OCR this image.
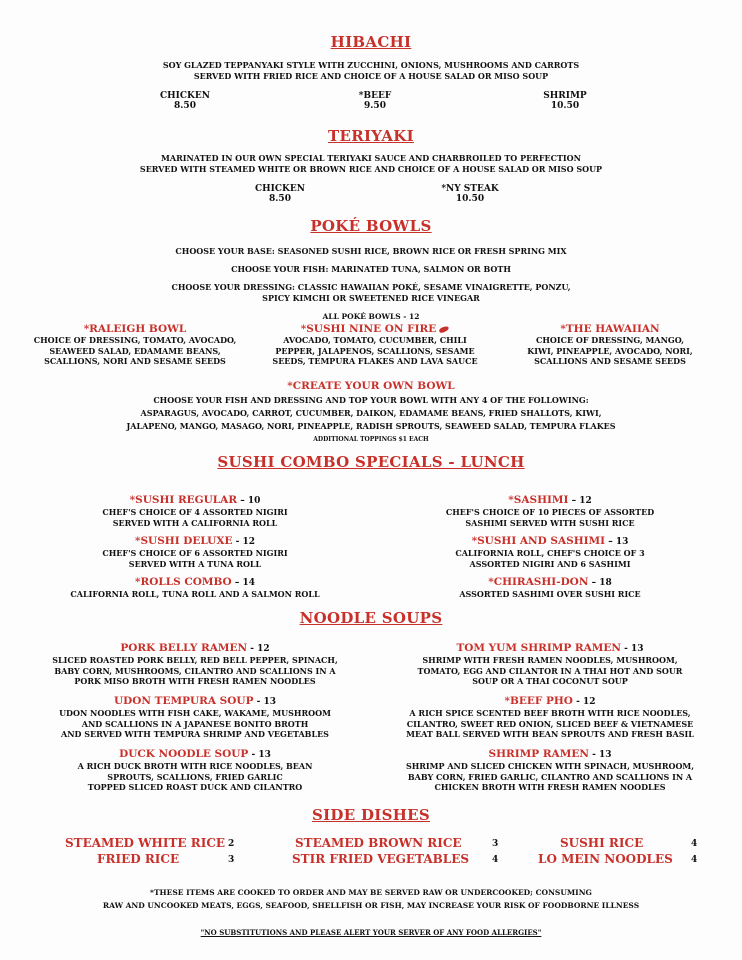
HIBACHI
SOY GLAZED TEPPANYAKI STYLE WITH ZUCCHINI, ONIONS, MUSHROOMS AND CARROTS
SERVED WITH FRIED RICE AND CHOICE OF A HOUSE SALAD OR MISO SOUP
CHICKEN
8.50
*BEEF
9.50
SHRIMP
10.50
TERIYAKI
MARINATED IN OUR OWN SPECIAL TERIYAKI SAUCE AND CHARBROILED TO PERFECTION
SERVED WITH STEAMED WHITE OR BROWN RICE AND CHOICE OF A HOUSE SALAD OR MISO SOUP
CHICKEN
8.50
*NY STEAK
10.50
POKÉ BOWLS
CHOOSE YOUR BASE: SEASONED SUSHI RICE, BROWN RICE OR FRESH SPRING MIX
CHOOSE YOUR FISH: MARINATED TUNA, SALMON OR BOTH
CHOOSE YOUR DRESSING: CLASSIC HAWAIIAN POKÉ, SESAME VINAIGRETTE, PONZU,
SPICY KIMCHI OR SWEETENED RICE VINEGAR
ALL POKÉ BOWLS - 12
*RALEIGH BOWL
CHOICE OF DRESSING, TOMATO, AVOCADO,
SEAWEED SALAD, EDAMAME BEANS,
SCALLIONS, NORI AND SESAME SEEDS
*SUSHI NINE ON FIRE
AVOCADO, TOMATO, CUCUMBER, CHILI
PEPPER, JALAPENOS, SCALLIONS, SESAME
SEEDS, TEMPURA FLAKES AND LAVA SAUCE
*THE HAWAIIAN
CHOICE OF DRESSING, MANGO,
KIWI, PINEAPPLE, AVOCADO, NORI,
SCALLIONS AND SESAME SEEDS
*CREATE YOUR OWN BOWL
CHOOSE YOUR FISH AND DRESSING AND TOP YOUR BOWL WITH ANY 4 OF THE FOLLOWING:
ASPARAGUS, AVOCADO, CARROT, CUCUMBER, DAIKON, EDAMAME BEANS, FRIED SHALLOTS, KIWI,
JALAPENO, MANGO, MASAGO, NORI, PINEAPPLE, RADISH SPROUTS, SEAWEED SALAD, TEMPURA FLAKES
ADDITIONAL TOPPINGS $1 EACH
SUSHI COMBO SPECIALS - LUNCH
*SUSHI REGULAR – 10
CHEF'S CHOICE OF 4 ASSORTED NIGIRI
SERVED WITH A CALIFORNIA ROLL
*SUSHI DELUXE - 12
CHEF'S CHOICE OF 6 ASSORTED NIGIRI
SERVED WITH A TUNA ROLL
*ROLLS COMBO – 14
CALIFORNIA ROLL, TUNA ROLL AND A SALMON ROLL
*SASHIMI – 12
CHEF'S CHOICE OF 10 PIECES OF ASSORTED
SASHIMI SERVED WITH SUSHI RICE
*SUSHI AND SASHIMI – 13
CALIFORNIA ROLL, CHEF'S CHOICE OF 3
ASSORTED NIGIRI AND 6 SASHIMI
*CHIRASHI-DON – 18
ASSORTED SASHIMI OVER SUSHI RICE
NOODLE SOUPS
PORK BELLY RAMEN - 12
SLICED ROASTED PORK BELLY, RED BELL PEPPER, SPINACH,
BABY CORN, MUSHROOMS, CILANTRO AND SCALLIONS IN A
PORK MISO BROTH WITH FRESH RAMEN NOODLES
UDON TEMPURA SOUP - 13
UDON NOODLES WITH FISH CAKE, WAKAME, MUSHROOM
AND SCALLIONS IN A JAPANESE BONITO BROTH
AND SERVED WITH TEMPURA SHRIMP AND VEGETABLES
DUCK NOODLE SOUP - 13
A RICH DUCK BROTH WITH RICE NOODLES, BEAN
SPROUTS, SCALLIONS, FRIED GARLIC
TOPPED SLICED ROAST DUCK AND CILANTRO
TOM YUM SHRIMP RAMEN - 13
SHRIMP WITH FRESH RAMEN NOODLES, MUSHROOM,
TOMATO, EGG AND CILANTOR IN A THAI HOT AND SOUR
SOUP OR A THAI COCONUT SOUP
*BEEF PHO - 12
A RICH SPICE SCENTED BEEF BROTH WITH RICE NOODLES,
CILANTRO, SWEET RED ONION, SLICED BEEF & VIETNAMESE
MEAT BALL SERVED WITH BEAN SPROUTS AND FRESH BASIL
SHRIMP RAMEN - 13
SHRIMP AND SLICED CHICKEN WITH SPINACH, MUSHROOM,
BABY CORN, FRIED GARLIC, CILANTRO AND SCALLIONS IN A
CHICKEN BROTH WITH FRESH RAMEN NOODLES
SIDE DISHES
STEAMED WHITE RICE 2	STEAMED BROWN RICE	3	SUSHI RICE	4
FRIED RICE	3	STIR FRIED VEGETABLES	4	LO MEIN NOODLES 4
*THESE ITEMS ARE COOKED TO ORDER AND MAY BE SERVED RAW OR UNDERCOOKED; CONSUMING
RAW AND UNCOOKED MEATS, EGGS, SEAFOOD, SHELLFISH OR FISH, MAY INCREASE YOUR RISK OF FOODBORNE ILLNESS
"NO SUBSTITUTIONS AND PLEASE ALERT YOUR SERVER OF ANY FOOD ALLERGIES"
